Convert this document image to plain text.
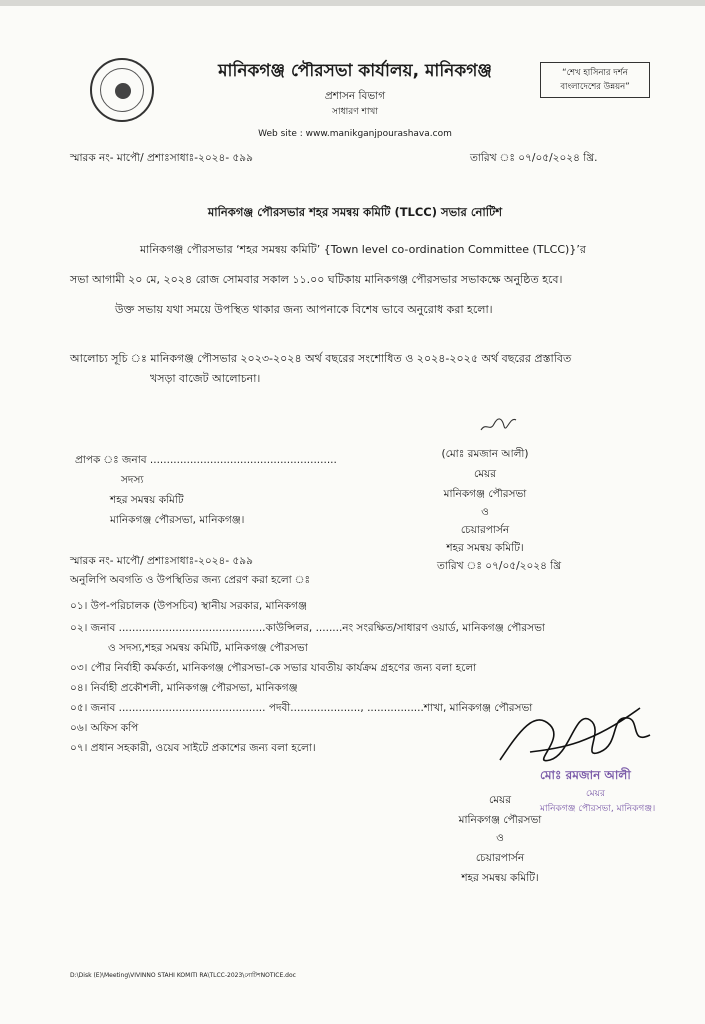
মানিকগঞ্জ পৌরসভা কার্যালয়, মানিকগঞ্জ
প্রশাসন বিভাগ
সাধারণ শাখা
Web site : www.manikganjpourashava.com
“শেখ হাসিনার দর্শন
বাংলাদেশের উন্নয়ন”
স্মারক নং- মাপৌ/ প্রশাঃসাধাঃ-২০২৪- ৫৯৯	তারিখ ঃ ০৭/০৫/২০২৪ খ্রি.
মানিকগঞ্জ পৌরসভার শহর সমন্বয় কমিটি (TLCC) সভার নোটিশ
মানিকগঞ্জ পৌরসভার ‘শহর সমন্বয় কমিটি’ {Town level co-ordination Committee (TLCC)}’র
সভা আগামী ২০ মে, ২০২৪ রোজ সোমবার সকাল ১১.০০ ঘটিকায় মানিকগঞ্জ পৌরসভার সভাকক্ষে অনুষ্ঠিত হবে।
উক্ত সভায় যথা সময়ে উপস্থিত থাকার জন্য আপনাকে বিশেষ ভাবে অনুরোধ করা হলো।
আলোচ্য সূচি ঃ মানিকগঞ্জ পৌসভার ২০২৩-২০২৪ অর্থ বছরের সংশোধিত ও ২০২৪-২০২৫ অর্থ বছরের প্রস্তাবিত
খসড়া বাজেট আলোচনা।
প্রাপক ঃ জনাব ........................................................
সদস্য
শহর সমন্বয় কমিটি
মানিকগঞ্জ পৌরসভা, মানিকগঞ্জ।
(মোঃ রমজান আলী)
মেয়র
মানিকগঞ্জ পৌরসভা
ও
চেয়ারপার্সন
শহর সমন্বয় কমিটি।
স্মারক নং- মাপৌ/ প্রশাঃসাধাঃ-২০২৪- ৫৯৯	তারিখ ঃ ০৭/০৫/২০২৪ খ্রি
অনুলিপি অবগতি ও উপস্থিতির জন্য প্রেরণ করা হলো ঃ
০১। উপ-পরিচালক (উপসচিব) স্থানীয় সরকার, মানিকগঞ্জ
০২। জনাব ............................................কাউন্সিলর, ........নং সংরক্ষিত/সাধারণ ওয়ার্ড, মানিকগঞ্জ পৌরসভা
ও সদস্য,শহর সমন্বয় কমিটি, মানিকগঞ্জ পৌরসভা
০৩। পৌর নির্বাহী কর্মকর্তা, মানিকগঞ্জ পৌরসভা-কে সভার যাবতীয় কার্যক্রম গ্রহণের জন্য বলা হলো
০৪। নির্বাহী প্রকৌশলী, মানিকগঞ্জ পৌরসভা, মানিকগঞ্জ
০৫। জনাব ............................................ পদবী....................., .................শাখা, মানিকগঞ্জ পৌরসভা
০৬। অফিস কপি
০৭। প্রধান সহকারী, ওয়েব সাইটে প্রকাশের জন্য বলা হলো।
মোঃ রমজান আলী
মেয়র
মানিকগঞ্জ পৌরসভা, মানিকগঞ্জ।
মেয়র
মানিকগঞ্জ পৌরসভা
ও
চেয়ারপার্সন
শহর সমন্বয় কমিটি।
D:\Disk (E)\Meeting\VIVINNO STAHI KOMITI RA\TLCC-2023\নোটিশNOTICE.doc
